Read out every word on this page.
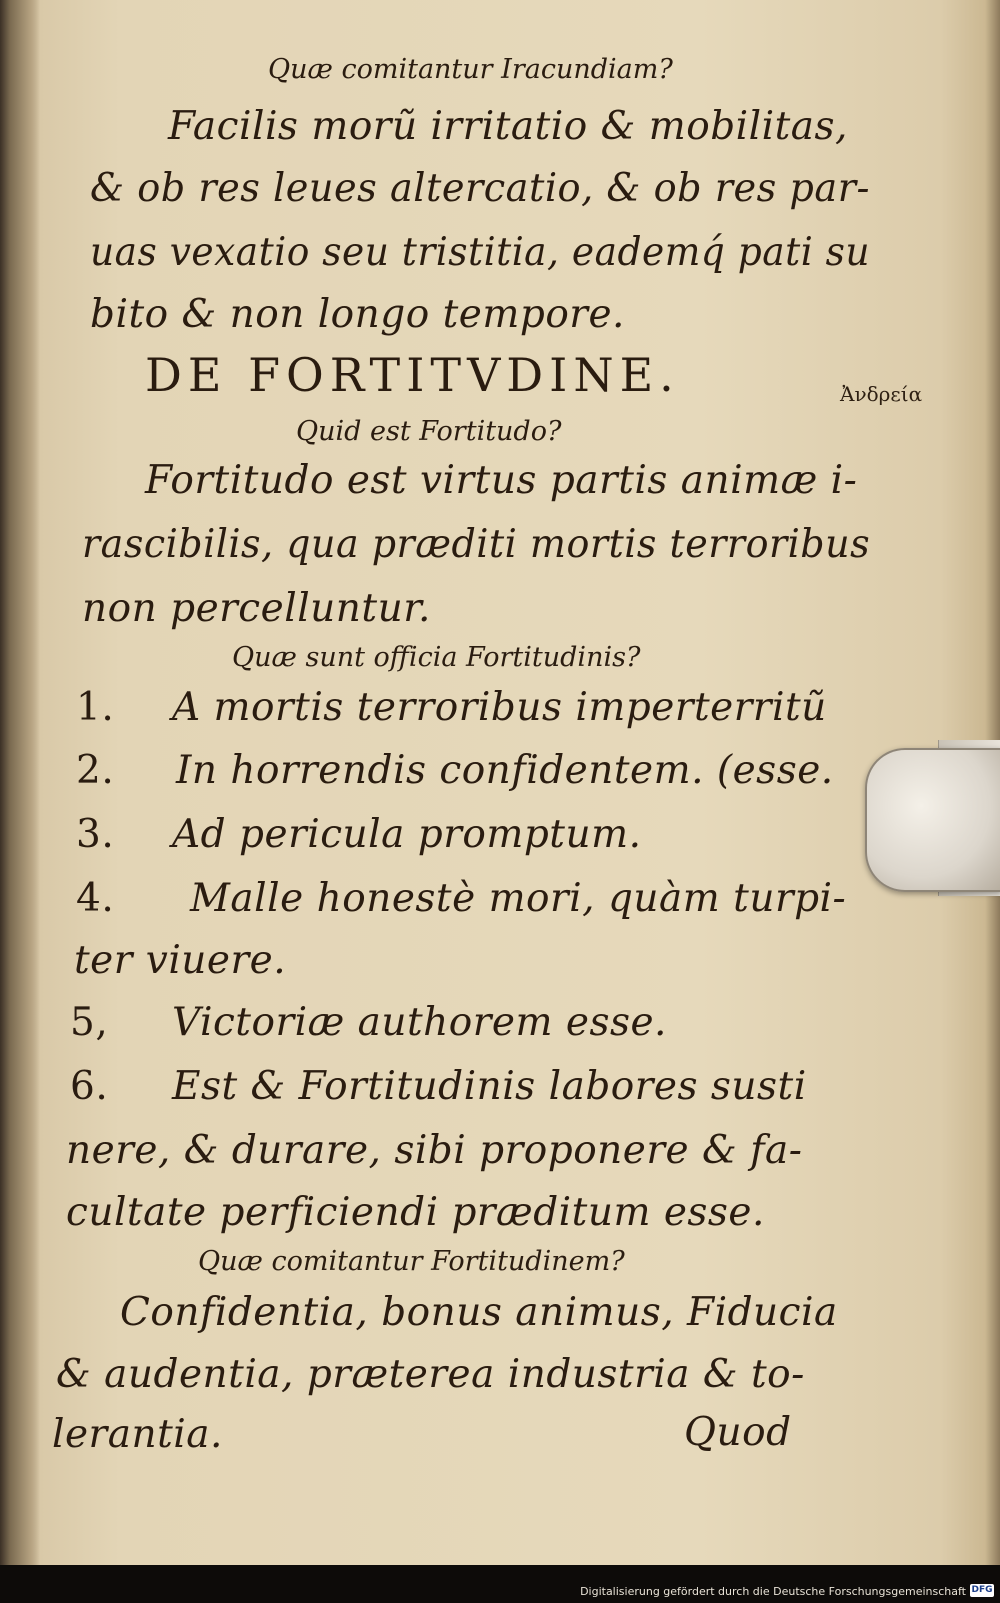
Quæ comitantur Iracundiam?
Facilis morũ irritatio & mobilitas,
& ob res leues altercatio, & ob res par-
uas vexatio seu tristitia, eademq́ pati su
bito & non longo tempore.
DE FORTITVDINE.	Ἀνδρεία
Quid est Fortitudo?
Fortitudo est virtus partis animæ i-
rascibilis, qua præditi mortis terroribus
non percelluntur.
Quæ sunt officia Fortitudinis?
1. A mortis terroribus imperterritũ
2. In horrendis confidentem. (esse.
3. Ad pericula promptum.
4. Malle honestè mori, quàm turpi-
ter viuere.
5, Victoriæ authorem esse.
6. Est & Fortitudinis labores susti
nere, & durare, sibi proponere & fa-
cultate perficiendi præditum esse.
Quæ comitantur Fortitudinem?
Confidentia, bonus animus, Fiducia
& audentia, præterea industria & to-
lerantia.	Quod
Digitalisierung gefördert durch die Deutsche Forschungsgemeinschaft DFG
